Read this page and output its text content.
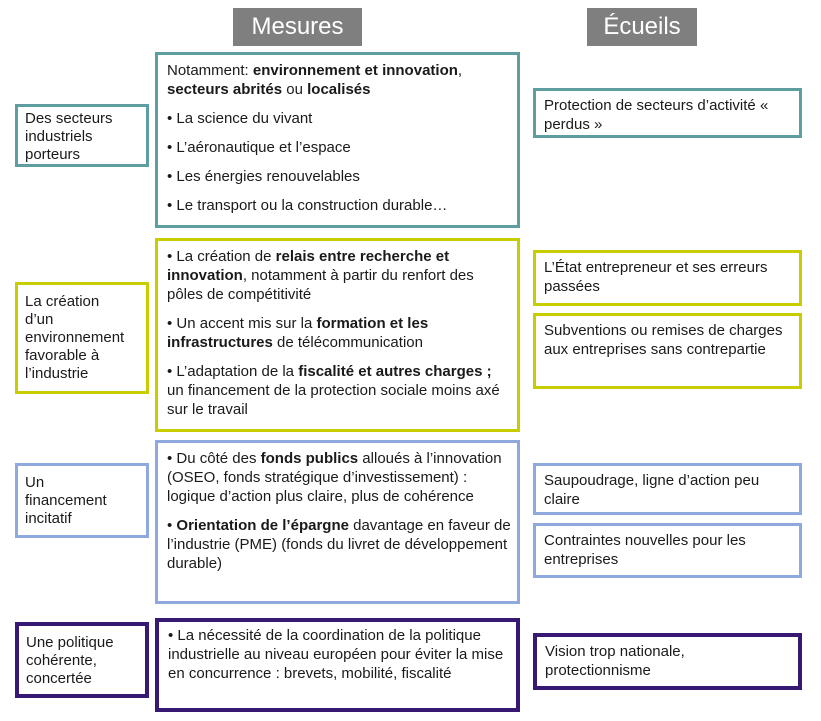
Mesures	Écueils
Des secteurs
industriels
porteurs

Notamment: environnement et innovation, secteurs abrités ou localisés

• La science du vivant

• L’aéronautique et l’espace

• Les énergies renouvelables

• Le transport ou la construction durable…

Protection de secteurs d’activité « perdus »
La création
d’un
environnement
favorable à
l’industrie

• La création de relais entre recherche et innovation, notamment à partir du renfort des pôles de compétitivité

• Un accent mis sur la formation et les infrastructures de télécommunication

• L’adaptation de la fiscalité et autres charges ; un financement de la protection sociale moins axé sur le travail

L’État entrepreneur et ses erreurs passées
Subventions ou remises de charges aux entreprises sans contrepartie
Un
financement
incitatif

• Du côté des fonds publics alloués à l’innovation (OSEO, fonds stratégique d’investissement) : logique d’action plus claire, plus de cohérence

• Orientation de l’épargne davantage en faveur de l’industrie (PME) (fonds du livret de développement durable)

Saupoudrage, ligne d’action peu claire
Contraintes nouvelles pour les entreprises
Une politique
cohérente,
concertée

• La nécessité de la coordination de la politique industrielle au niveau européen pour éviter la mise en concurrence : brevets, mobilité, fiscalité

Vision trop nationale, protectionnisme
